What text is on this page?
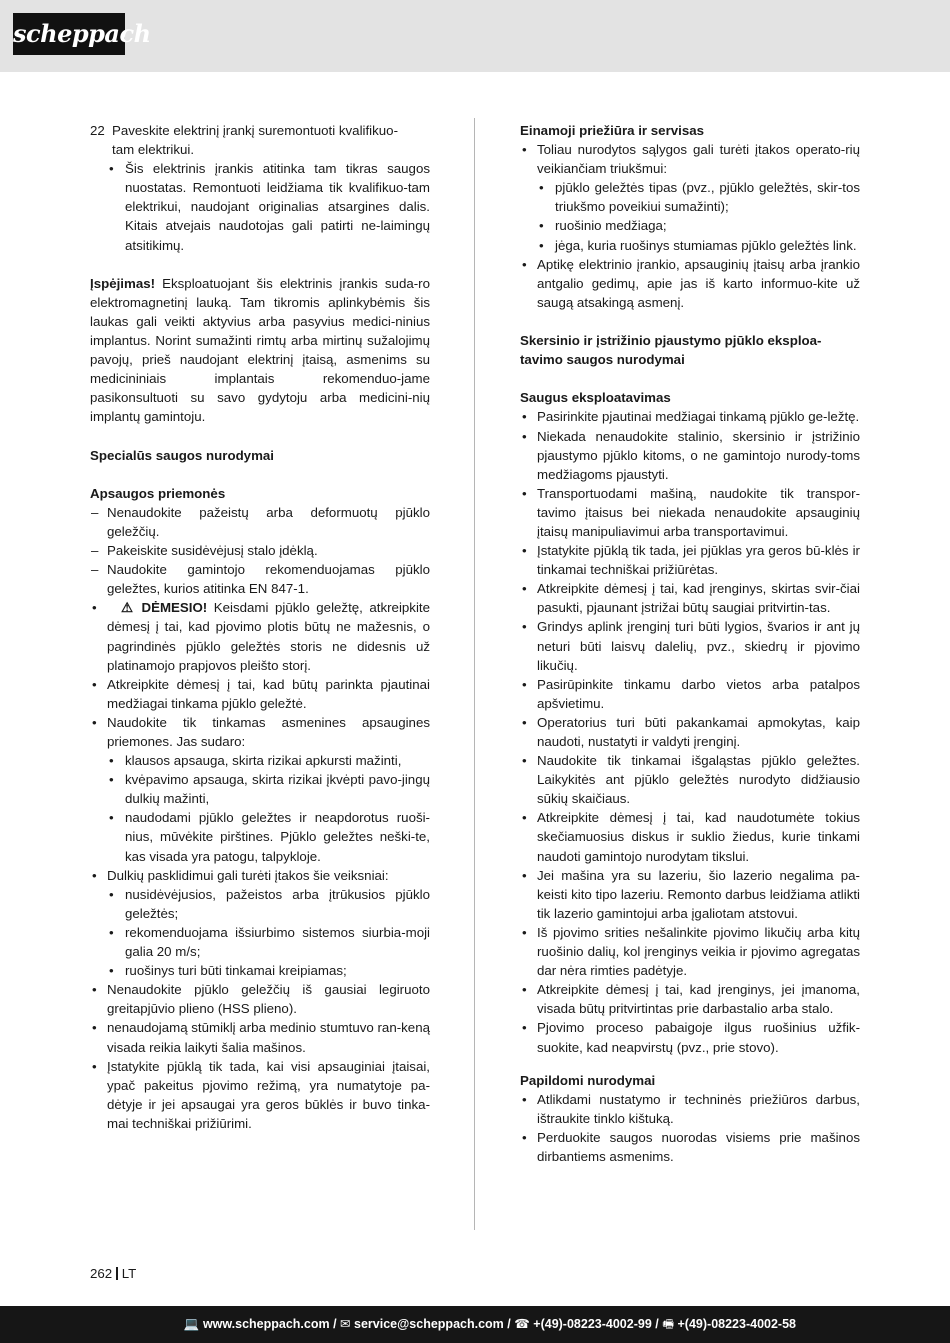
scheppach
22 Paveskite elektrinį įrankį suremontuoti kvalifikuo-
tam elektrikui.
• Šis elektrinis įrankis atitinka tam tikras saugos nuostatas. Remontuoti leidžiama tik kvalifikuo-tam elektrikui, naudojant originalias atsargines dalis. Kitais atvejais naudotojas gali patirti ne-laimingų atsitikimų.

Įspėjimas! Eksploatuojant šis elektrinis įrankis suda-ro elektromagnetinį lauką. Tam tikromis aplinkybėmis šis laukas gali veikti aktyvius arba pasyvius medici-ninius implantus. Norint sumažinti rimtų arba mirtinų sužalojimų pavojų, prieš naudojant elektrinį įtaisą, asmenims su medicininiais implantais rekomenduo-jame pasikonsultuoti su savo gydytoju arba medicini-nių implantų gamintoju.

Specialūs saugos nurodymai

Apsaugos priemonės

– Nenaudokite pažeistų arba deformuotų pjūklo geležčių.
– Pakeiskite susidėvėjusį stalo įdėklą.
– Naudokite gamintojo rekomenduojamas pjūklo geležtes, kurios atitinka EN 847-1.
• ⚠ DĖMESIO! Keisdami pjūklo geležtę, atkreipkite dėmesį į tai, kad pjovimo plotis būtų ne mažesnis, o pagrindinės pjūklo geležtės storis ne didesnis už platinamojo prapjovos pleišto storį.
• Atkreipkite dėmesį į tai, kad būtų parinkta pjautinai medžiagai tinkama pjūklo geležtė.
• Naudokite tik tinkamas asmenines apsaugines priemones. Jas sudaro:
• klausos apsauga, skirta rizikai apkursti mažinti,
• kvėpavimo apsauga, skirta rizikai įkvėpti pavo-jingų dulkių mažinti,
• naudodami pjūklo geležtes ir neapdorotus ruoši-nius, mūvėkite pirštines. Pjūklo geležtes neški-te, kas visada yra patogu, talpykloje.
• Dulkių pasklidimui gali turėti įtakos šie veiksniai:
• nusidėvėjusios, pažeistos arba įtrūkusios pjūklo geležtės;
• rekomenduojama išsiurbimo sistemos siurbia-moji galia 20 m/s;
• ruošinys turi būti tinkamai kreipiamas;
• Nenaudokite pjūklo geležčių iš gausiai legiruoto greitapjūvio plieno (HSS plieno).
• nenaudojamą stūmiklį arba medinio stumtuvo ran-keną visada reikia laikyti šalia mašinos.
• Įstatykite pjūklą tik tada, kai visi apsauginiai įtaisai, ypač pakeitus pjovimo režimą, yra numatytoje pa-dėtyje ir jei apsaugai yra geros būklės ir buvo tinka-mai techniškai prižiūrimi.

Einamoji priežiūra ir servisas

• Toliau nurodytos sąlygos gali turėti įtakos operato-rių veikiančiam triukšmui:
• pjūklo geležtės tipas (pvz., pjūklo geležtės, skir-tos triukšmo poveikiui sumažinti);
• ruošinio medžiaga;
• jėga, kuria ruošinys stumiamas pjūklo geležtės link.
• Aptikę elektrinio įrankio, apsauginių įtaisų arba įrankio antgalio gedimų, apie jas iš karto informuo-kite už saugą atsakingą asmenį.

Skersinio ir įstrižinio pjaustymo pjūklo eksploa-tavimo saugos nurodymai

Saugus eksploatavimas

• Pasirinkite pjautinai medžiagai tinkamą pjūklo ge-ležtę.
• Niekada nenaudokite stalinio, skersinio ir įstrižinio pjaustymo pjūklo kitoms, o ne gamintojo nurody-toms medžiagoms pjaustyti.
• Transportuodami mašiną, naudokite tik transpor-tavimo įtaisus bei niekada nenaudokite apsauginių įtaisų manipuliavimui arba transportavimui.
• Įstatykite pjūklą tik tada, jei pjūklas yra geros bū-klės ir tinkamai techniškai prižiūrėtas.
• Atkreipkite dėmesį į tai, kad įrenginys, skirtas svir-čiai pasukti, pjaunant įstrižai būtų saugiai pritvirtin-tas.
• Grindys aplink įrenginį turi būti lygios, švarios ir ant jų neturi būti laisvų dalelių, pvz., skiedrų ir pjovimo likučių.
• Pasirūpinkite tinkamu darbo vietos arba patalpos apšvietimu.
• Operatorius turi būti pakankamai apmokytas, kaip naudoti, nustatyti ir valdyti įrenginį.
• Naudokite tik tinkamai išgaląstas pjūklo geležtes. Laikykitės ant pjūklo geležtės nurodyto didžiausio sūkių skaičiaus.
• Atkreipkite dėmesį į tai, kad naudotumėte tokius skečiamuosius diskus ir suklio žiedus, kurie tinkami naudoti gamintojo nurodytam tikslui.
• Jei mašina yra su lazeriu, šio lazerio negalima pa-keisti kito tipo lazeriu. Remonto darbus leidžiama atlikti tik lazerio gamintojui arba įgaliotam atstovui.
• Iš pjovimo srities nešalinkite pjovimo likučių arba kitų ruošinio dalių, kol įrenginys veikia ir pjovimo agregatas dar nėra rimties padėtyje.
• Atkreipkite dėmesį į tai, kad įrenginys, jei įmanoma, visada būtų pritvirtintas prie darbastalio arba stalo.
• Pjovimo proceso pabaigoje ilgus ruošinius užfik-suokite, kad neapvirstų (pvz., prie stovo).

Papildomi nurodymai

• Atlikdami nustatymo ir techninės priežiūros darbus, ištraukite tinklo kištuką.
• Perduokite saugos nuorodas visiems prie mašinos dirbantiems asmenims.
262 LT
💻 www.scheppach.com / ✉ service@scheppach.com / ☎ +(49)-08223-4002-99 / 🖷 +(49)-08223-4002-58
